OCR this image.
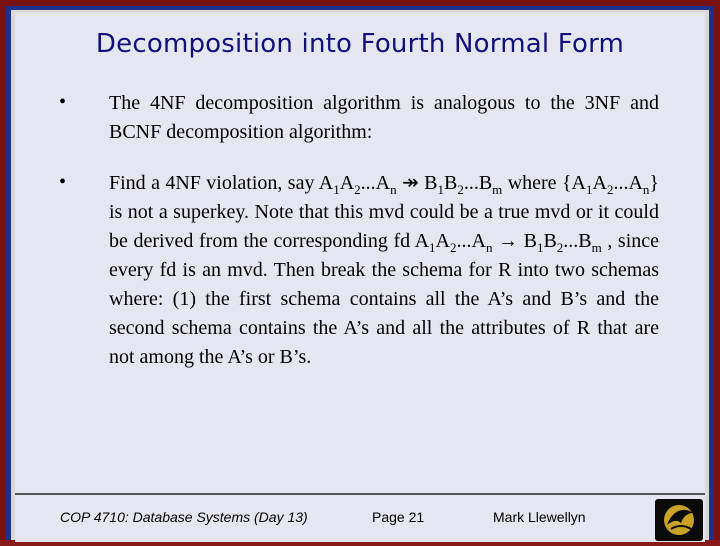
Decomposition into Fourth Normal Form
• The 4NF decomposition algorithm is analogous to the 3NF and BCNF decomposition algorithm:
• Find a 4NF violation, say $A_1A_2...A_n$ ↠ $B_1B_2...B_m$ where $\{A_1A_2...A_n\}$ is not a superkey. Note that this mvd could be a true mvd or it could be derived from the corresponding fd $A_1A_2...A_n \to B_1B_2...B_m$ , since every fd is an mvd. Then break the schema for R into two schemas where: (1) the first schema contains all the A’s and B’s and the second schema contains the A’s and all the attributes of R that are not among the A’s or B’s.
COP 4710: Database Systems (Day 13)	Page 21	Mark Llewellyn
